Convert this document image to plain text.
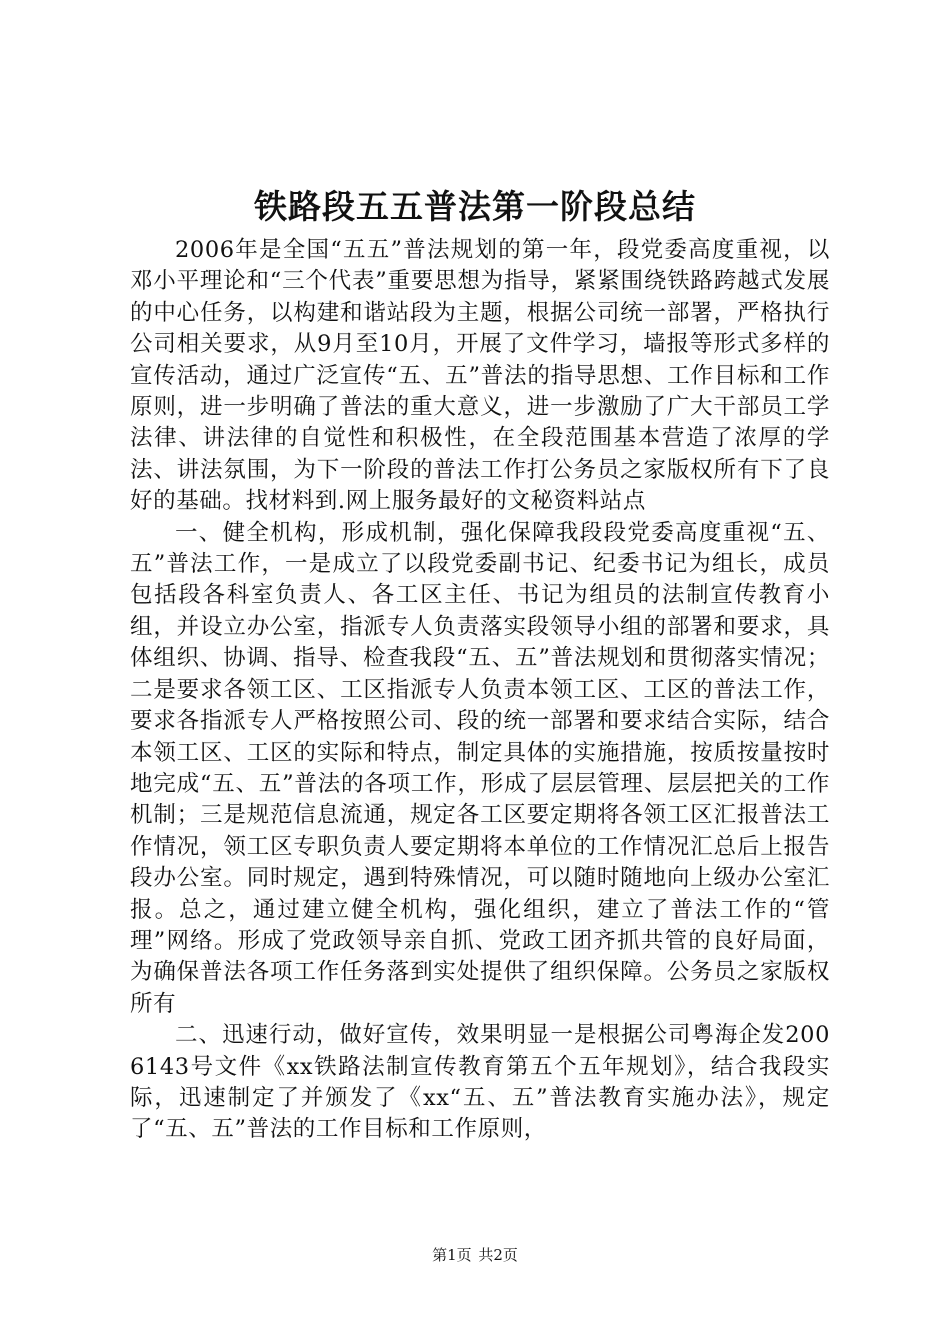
铁路段五五普法第一阶段总结

2006年是全国“五五”普法规划的第一年，段党委高度重视，以邓小平理论和“三个代表”重要思想为指导，紧紧围绕铁路跨越式发展的中心任务，以构建和谐站段为主题，根据公司统一部署，严格执行公司相关要求，从9月至10月，开展了文件学习，墙报等形式多样的宣传活动，通过广泛宣传“五、五”普法的指导思想、工作目标和工作原则，进一步明确了普法的重大意义，进一步激励了广大干部员工学法律、讲法律的自觉性和积极性，在全段范围基本营造了浓厚的学法、讲法氛围，为下一阶段的普法工作打公务员之家版权所有下了良好的基础。找材料到.网上服务最好的文秘资料站点

一、健全机构，形成机制，强化保障我段段党委高度重视“五、五”普法工作，一是成立了以段党委副书记、纪委书记为组长，成员包括段各科室负责人、各工区主任、书记为组员的法制宣传教育小组，并设立办公室，指派专人负责落实段领导小组的部署和要求，具体组织、协调、指导、检查我段“五、五”普法规划和贯彻落实情况；二是要求各领工区、工区指派专人负责本领工区、工区的普法工作，要求各指派专人严格按照公司、段的统一部署和要求结合实际，结合本领工区、工区的实际和特点，制定具体的实施措施，按质按量按时地完成“五、五”普法的各项工作，形成了层层管理、层层把关的工作机制；三是规范信息流通，规定各工区要定期将各领工区汇报普法工作情况，领工区专职负责人要定期将本单位的工作情况汇总后上报告段办公室。同时规定，遇到特殊情况，可以随时随地向上级办公室汇报。总之，通过建立健全机构，强化组织，建立了普法工作的“管理”网络。形成了党政领导亲自抓、党政工团齐抓共管的良好局面，为确保普法各项工作任务落到实处提供了组织保障。公务员之家版权所有

二、迅速行动，做好宣传，效果明显一是根据公司粤海企发2006143号文件《xx铁路法制宣传教育第五个五年规划》，结合我段实际，迅速制定了并颁发了《xx“五、五”普法教育实施办法》，规定了“五、五”普法的工作目标和工作原则，

第1页 共2页
